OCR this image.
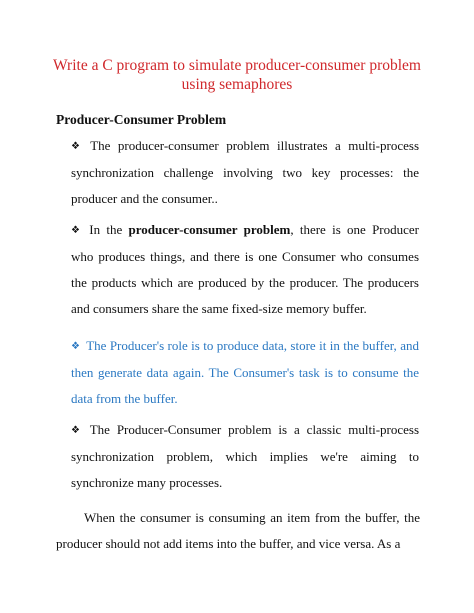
Write a C program to simulate producer-consumer problem using semaphores
Producer-Consumer Problem
❖ The producer-consumer problem illustrates a multi-process synchronization challenge involving two key processes: the producer and the consumer..
❖ In the producer-consumer problem, there is one Producer who produces things, and there is one Consumer who consumes the products which are produced by the producer. The producers and consumers share the same fixed-size memory buffer.
❖ The Producer's role is to produce data, store it in the buffer, and then generate data again. The Consumer's task is to consume the data from the buffer.
❖ The Producer-Consumer problem is a classic multi-process synchronization problem, which implies we're aiming to synchronize many processes.
When the consumer is consuming an item from the buffer, the producer should not add items into the buffer, and vice versa. As a
